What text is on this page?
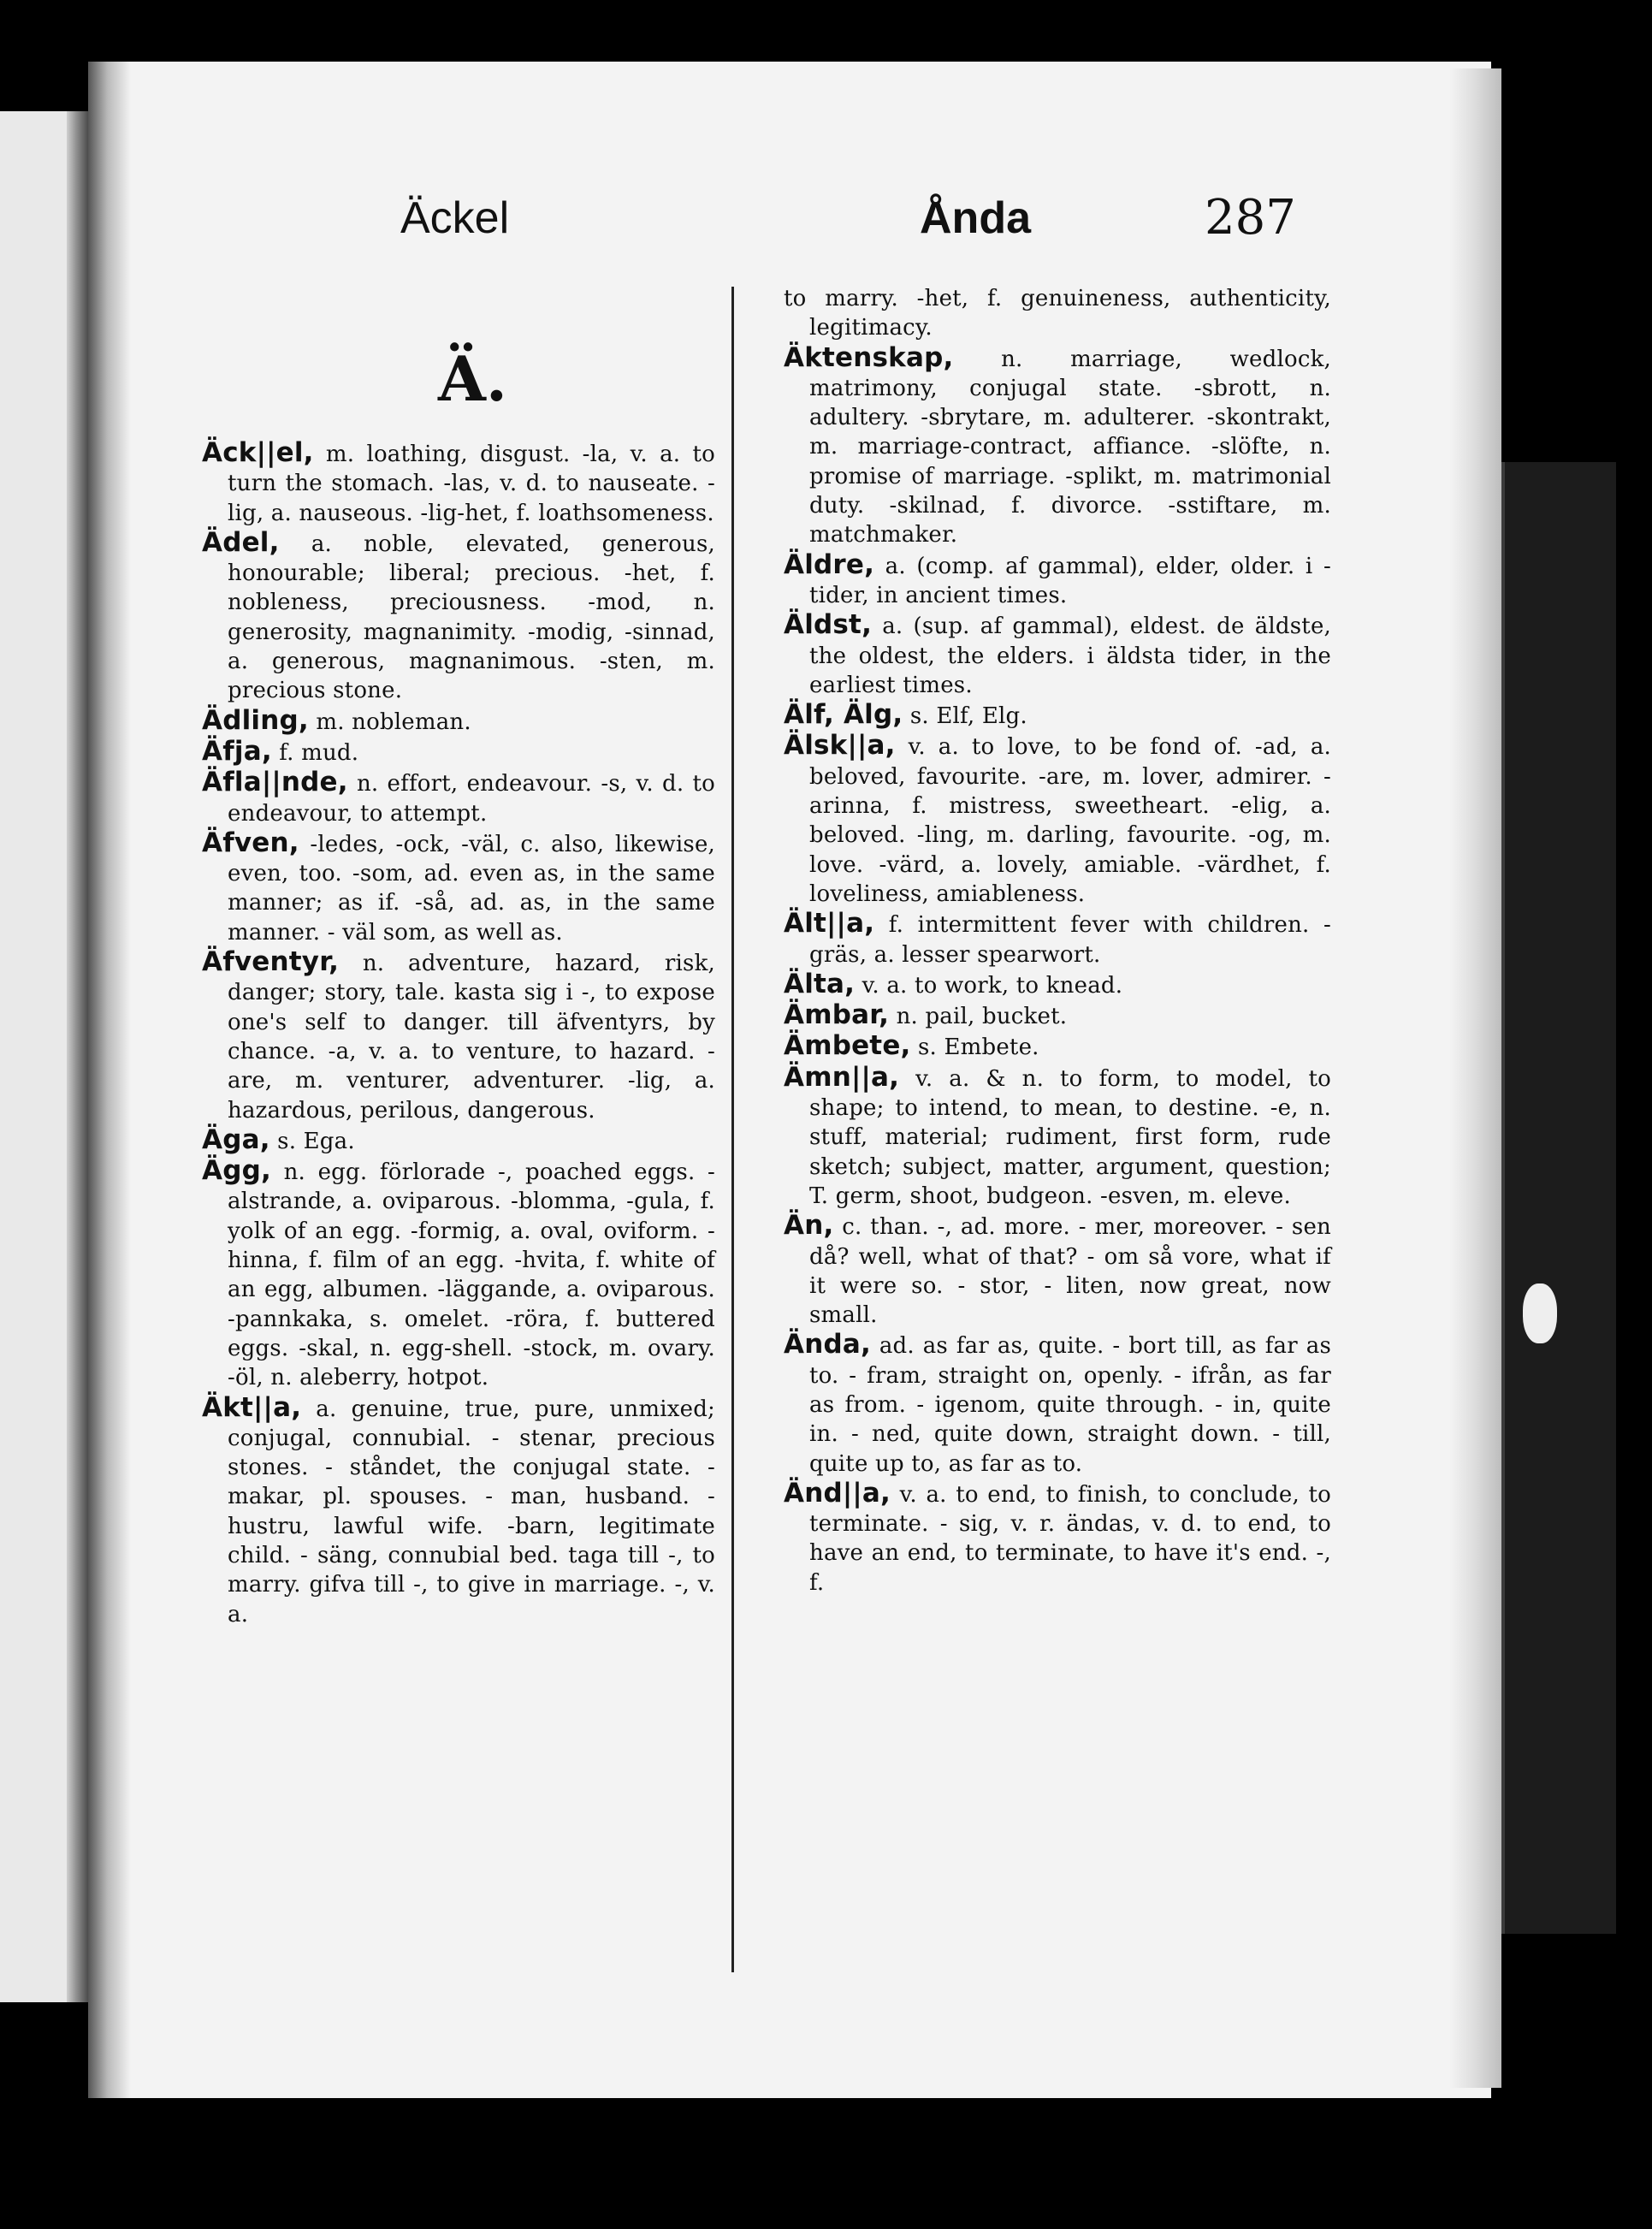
Äckel	Ånda	287
Ä.

Äck||el, m. loathing, disgust. -la, v. a. to turn the stomach. -las, v. d. to nauseate. -lig, a. nauseous. -lig-het, f. loathsomeness.

Ädel, a. noble, elevated, generous, honourable; liberal; precious. -het, f. nobleness, preciousness. -mod, n. generosity, magnanimity. -modig, -sinnad, a. generous, magnanimous. -sten, m. precious stone.

Ädling, m. nobleman.

Äfja, f. mud.

Äfla||nde, n. effort, endeavour. -s, v. d. to endeavour, to attempt.

Äfven, -ledes, -ock, -väl, c. also, likewise, even, too. -som, ad. even as, in the same manner; as if. -så, ad. as, in the same manner. - väl som, as well as.

Äfventyr, n. adventure, hazard, risk, danger; story, tale. kasta sig i -, to expose one's self to danger. till äfventyrs, by chance. -a, v. a. to venture, to hazard. -are, m. venturer, adventurer. -lig, a. hazardous, perilous, dangerous.

Äga, s. Ega.

Ägg, n. egg. förlorade -, poached eggs. -alstrande, a. oviparous. -blomma, -gula, f. yolk of an egg. -formig, a. oval, oviform. -hinna, f. film of an egg. -hvita, f. white of an egg, albumen. -läggande, a. oviparous. -pannkaka, s. omelet. -röra, f. buttered eggs. -skal, n. egg-shell. -stock, m. ovary. -öl, n. aleberry, hotpot.

Äkt||a, a. genuine, true, pure, unmixed; conjugal, connubial. - stenar, precious stones. - ståndet, the conjugal state. - makar, pl. spouses. - man, husband. -hustru, lawful wife. -barn, legitimate child. - säng, connubial bed. taga till -, to marry. gifva till -, to give in marriage. -, v. a.

to marry. -het, f. genuineness, authenticity, legitimacy.

Äktenskap, n. marriage, wedlock, matrimony, conjugal state. -sbrott, n. adultery. -sbrytare, m. adulterer. -skontrakt, m. marriage-contract, affiance. -slöfte, n. promise of marriage. -splikt, m. matrimonial duty. -skilnad, f. divorce. -sstiftare, m. matchmaker.

Äldre, a. (comp. af gammal), elder, older. i - tider, in ancient times.

Äldst, a. (sup. af gammal), eldest. de äldste, the oldest, the elders. i äldsta tider, in the earliest times.

Älf, Älg, s. Elf, Elg.

Älsk||a, v. a. to love, to be fond of. -ad, a. beloved, favourite. -are, m. lover, admirer. -arinna, f. mistress, sweetheart. -elig, a. beloved. -ling, m. darling, favourite. -og, m. love. -värd, a. lovely, amiable. -värdhet, f. loveliness, amiableness.

Ält||a, f. intermittent fever with children. -gräs, a. lesser spearwort.

Älta, v. a. to work, to knead.

Ämbar, n. pail, bucket.

Ämbete, s. Embete.

Ämn||a, v. a. & n. to form, to model, to shape; to intend, to mean, to destine. -e, n. stuff, material; rudiment, first form, rude sketch; subject, matter, argument, question; T. germ, shoot, budgeon. -esven, m. eleve.

Än, c. than. -, ad. more. - mer, moreover. - sen då? well, what of that? - om så vore, what if it were so. - stor, - liten, now great, now small.

Ända, ad. as far as, quite. - bort till, as far as to. - fram, straight on, openly. - ifrån, as far as from. - igenom, quite through. - in, quite in. - ned, quite down, straight down. - till, quite up to, as far as to.

Änd||a, v. a. to end, to finish, to conclude, to terminate. - sig, v. r. ändas, v. d. to end, to have an end, to terminate, to have it's end. -, f.
